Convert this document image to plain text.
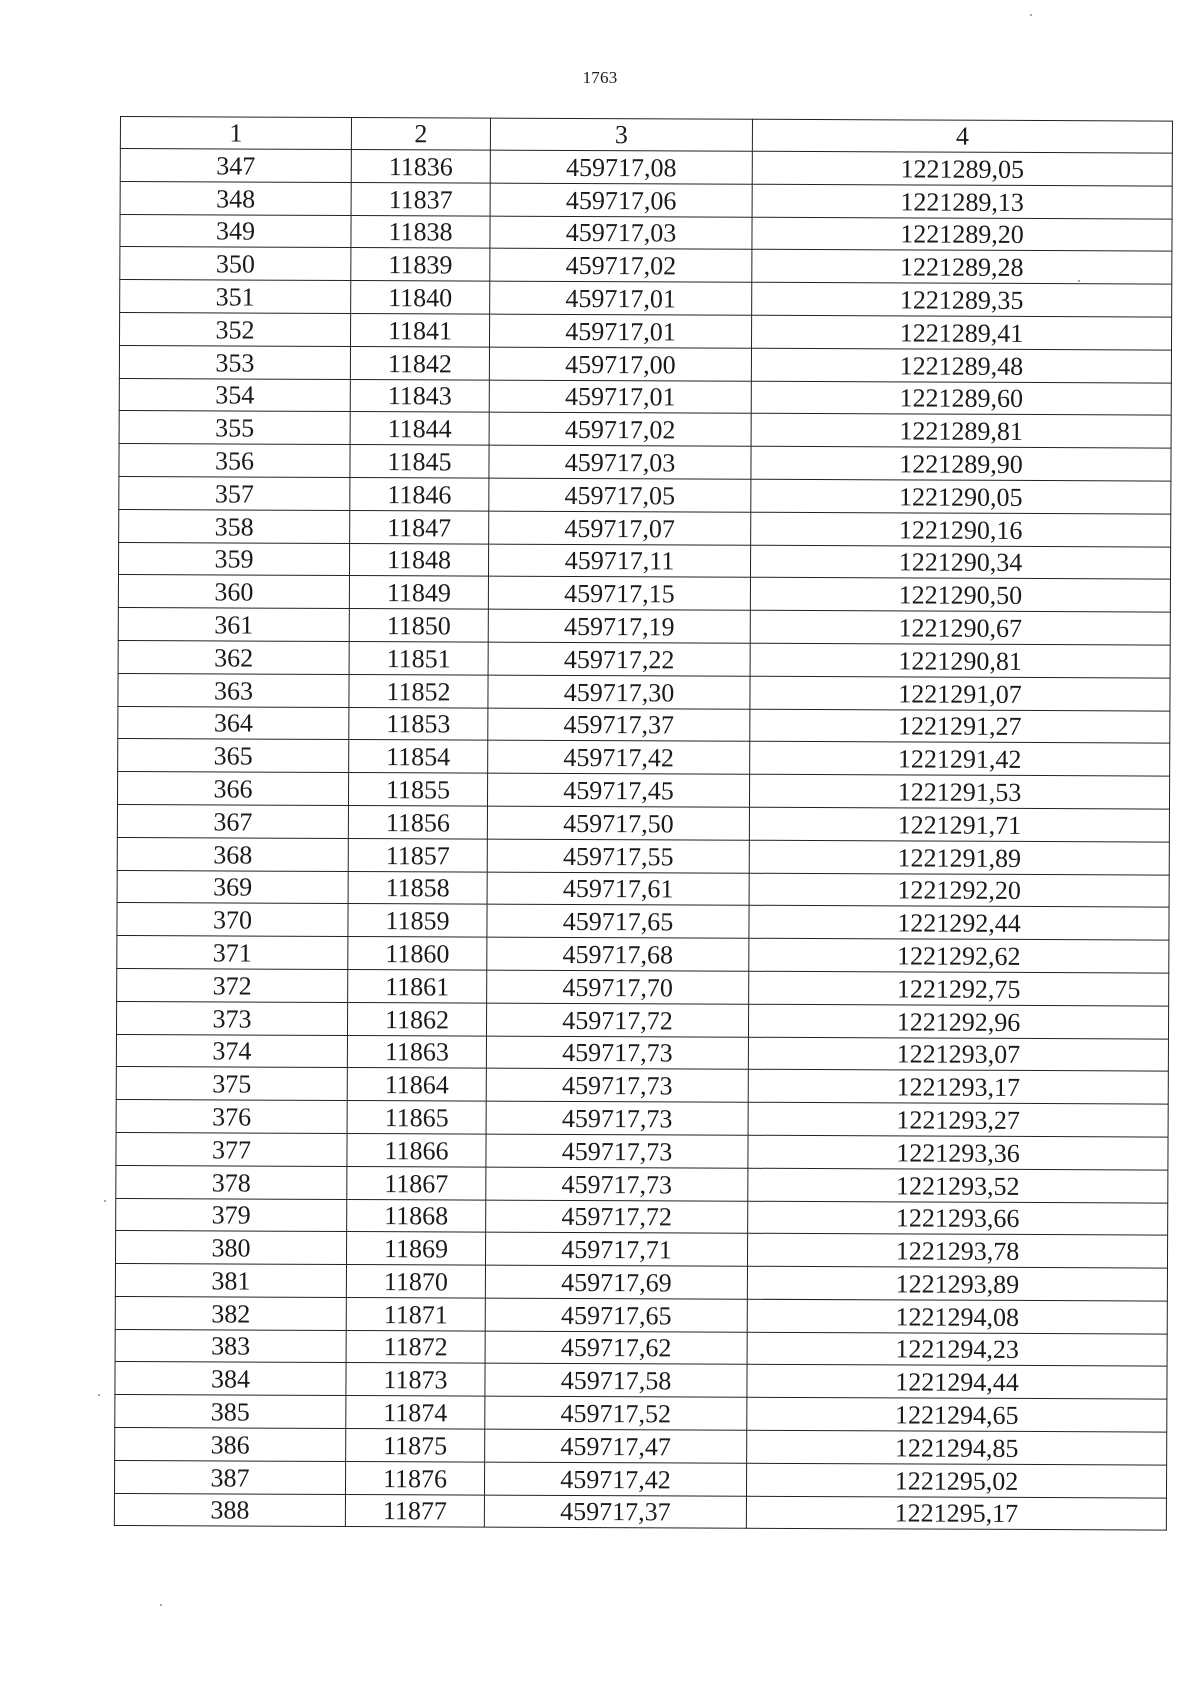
1763
1	2	3	4
347	11836	459717,08	1221289,05
348	11837	459717,06	1221289,13
349	11838	459717,03	1221289,20
350	11839	459717,02	1221289,28
351	11840	459717,01	1221289,35
352	11841	459717,01	1221289,41
353	11842	459717,00	1221289,48
354	11843	459717,01	1221289,60
355	11844	459717,02	1221289,81
356	11845	459717,03	1221289,90
357	11846	459717,05	1221290,05
358	11847	459717,07	1221290,16
359	11848	459717,11	1221290,34
360	11849	459717,15	1221290,50
361	11850	459717,19	1221290,67
362	11851	459717,22	1221290,81
363	11852	459717,30	1221291,07
364	11853	459717,37	1221291,27
365	11854	459717,42	1221291,42
366	11855	459717,45	1221291,53
367	11856	459717,50	1221291,71
368	11857	459717,55	1221291,89
369	11858	459717,61	1221292,20
370	11859	459717,65	1221292,44
371	11860	459717,68	1221292,62
372	11861	459717,70	1221292,75
373	11862	459717,72	1221292,96
374	11863	459717,73	1221293,07
375	11864	459717,73	1221293,17
376	11865	459717,73	1221293,27
377	11866	459717,73	1221293,36
378	11867	459717,73	1221293,52
379	11868	459717,72	1221293,66
380	11869	459717,71	1221293,78
381	11870	459717,69	1221293,89
382	11871	459717,65	1221294,08
383	11872	459717,62	1221294,23
384	11873	459717,58	1221294,44
385	11874	459717,52	1221294,65
386	11875	459717,47	1221294,85
387	11876	459717,42	1221295,02
388	11877	459717,37	1221295,17
